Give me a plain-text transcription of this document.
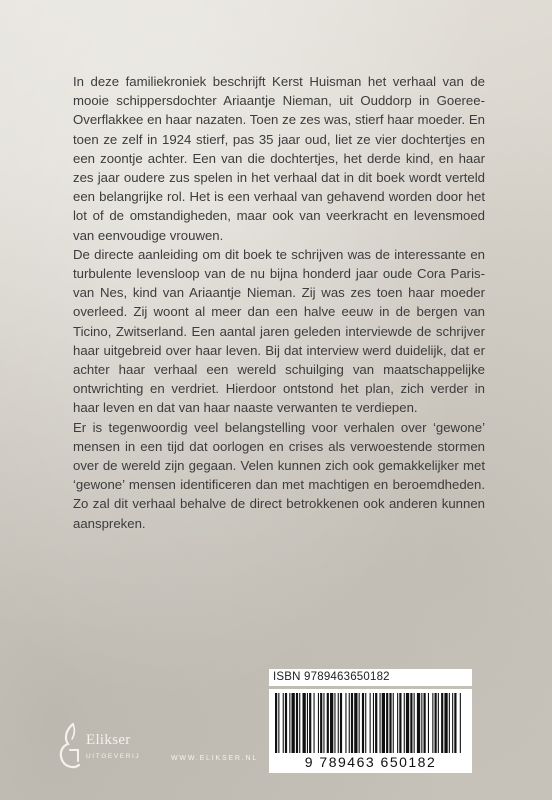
In deze familiekroniek beschrijft Kerst Huisman het verhaal van de mooie schippersdochter Ariaantje Nieman, uit Ouddorp in Goeree-Overflakkee en haar nazaten. Toen ze zes was, stierf haar moeder. En toen ze zelf in 1924 stierf, pas 35 jaar oud, liet ze vier dochtertjes en een zoontje achter. Een van die dochtertjes, het derde kind, en haar zes jaar oudere zus spelen in het verhaal dat in dit boek wordt verteld een belangrijke rol. Het is een verhaal van gehavend worden door het lot of de omstandigheden, maar ook van veerkracht en levensmoed van eenvoudige vrouwen.

De directe aanleiding om dit boek te schrijven was de interessante en turbulente levensloop van de nu bijna honderd jaar oude Cora Paris-van Nes, kind van Ariaantje Nieman. Zij was zes toen haar moeder overleed. Zij woont al meer dan een halve eeuw in de bergen van Ticino, Zwitserland. Een aantal jaren geleden interviewde de schrijver haar uitgebreid over haar leven. Bij dat interview werd duidelijk, dat er achter haar verhaal een wereld schuilging van maatschappelijke ontwrichting en verdriet. Hierdoor ontstond het plan, zich verder in haar leven en dat van haar naaste verwanten te verdiepen.

Er is tegenwoordig veel belangstelling voor verhalen over ‘gewone’ mensen in een tijd dat oorlogen en crises als verwoestende stormen over de wereld zijn gegaan. Velen kunnen zich ook gemakkelijker met ‘gewone’ mensen identificeren dan met machtigen en beroemdheden. Zo zal dit verhaal behalve de direct betrokkenen ook anderen kunnen aanspreken.

Elikser
UITGEVERIJ	WWW.ELIKSER.NL
ISBN 9789463650182
9 789463 650182
